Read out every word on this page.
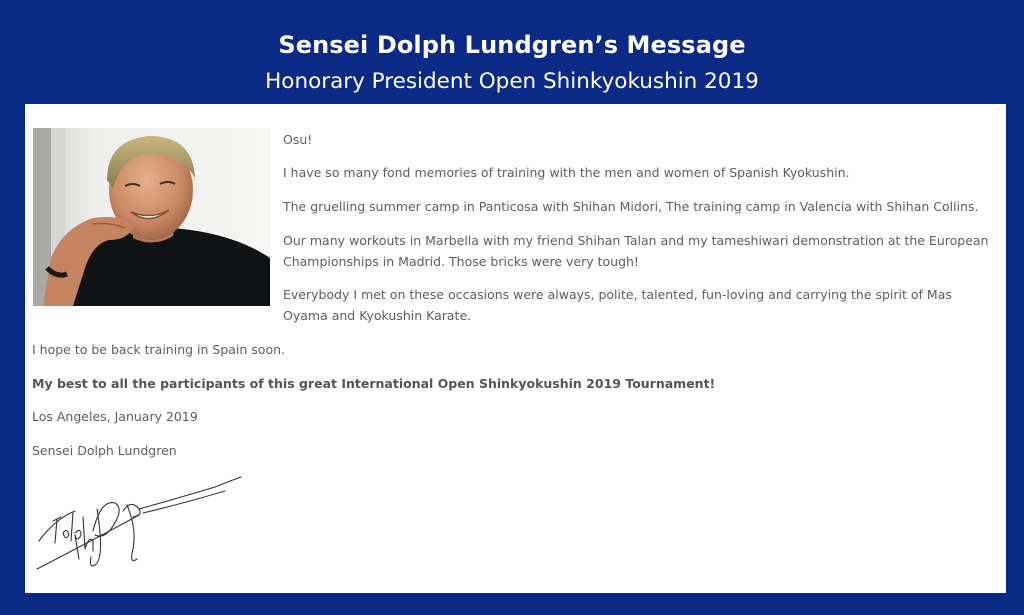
Sensei Dolph Lundgren’s Message
Honorary President Open Shinkyokushin 2019

Osu!

I have so many fond memories of training with the men and women of Spanish Kyokushin.

The gruelling summer camp in Panticosa with Shihan Midori, The training camp in Valencia with Shihan Collins.

Our many workouts in Marbella with my friend Shihan Talan and my tameshiwari demonstration at the European Championships in Madrid. Those bricks were very tough!

Everybody I met on these occasions were always, polite, talented, fun-loving and carrying the spirit of Mas Oyama and Kyokushin Karate.

I hope to be back training in Spain soon.

My best to all the participants of this great International Open Shinkyokushin 2019 Tournament!

Los Angeles, January 2019

Sensei Dolph Lundgren
